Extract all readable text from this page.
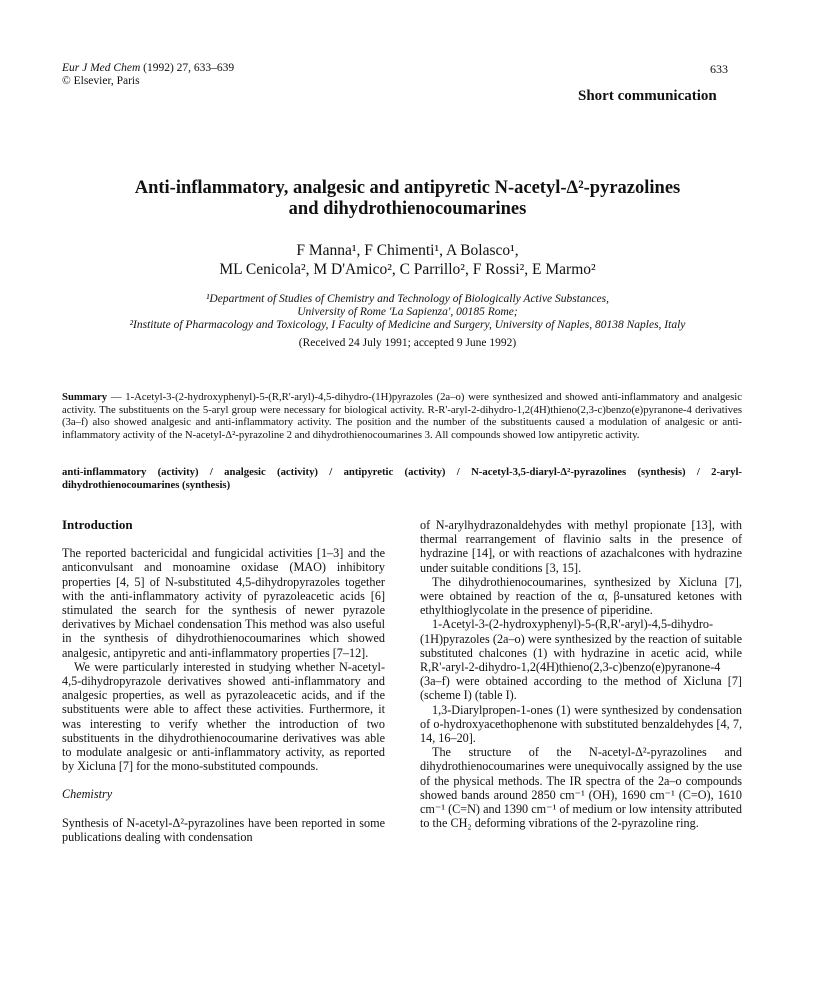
Eur J Med Chem (1992) 27, 633–639
© Elsevier, Paris
633
Short communication
Anti-inflammatory, analgesic and antipyretic N-acetyl-Δ²-pyrazolines
and dihydrothienocoumarines
F Manna¹, F Chimenti¹, A Bolasco¹,
ML Cenicola², M D'Amico², C Parrillo², F Rossi², E Marmo²
¹Department of Studies of Chemistry and Technology of Biologically Active Substances,
University of Rome 'La Sapienza', 00185 Rome;
²Institute of Pharmacology and Toxicology, I Faculty of Medicine and Surgery, University of Naples, 80138 Naples, Italy
(Received 24 July 1991; accepted 9 June 1992)
Summary — 1-Acetyl-3-(2-hydroxyphenyl)-5-(R,R'-aryl)-4,5-dihydro-(1H)pyrazoles (2a–o) were synthesized and showed anti-inflammatory and analgesic activity. The substituents on the 5-aryl group were necessary for biological activity. R-R'-aryl-2-dihydro-1,2(4H)thieno(2,3-c)benzo(e)pyranone-4 derivatives (3a–f) also showed analgesic and anti-inflammatory activity. The position and the number of the substituents caused a modulation of analgesic or anti-inflammatory activity of the N-acetyl-Δ²-pyrazoline 2 and dihydrothienocoumarines 3. All compounds showed low antipyretic activity.
anti-inflammatory (activity) / analgesic (activity) / antipyretic (activity) / N-acetyl-3,5-diaryl-Δ²-pyrazolines (synthesis) / 2-aryl-dihydrothienocoumarines (synthesis)
Introduction

The reported bactericidal and fungicidal activities [1–3] and the anticonvulsant and monoamine oxidase (MAO) inhibitory properties [4, 5] of N-substituted 4,5-dihydropyrazoles together with the anti-inflammatory activity of pyrazoleacetic acids [6] stimulated the search for the synthesis of newer pyrazole derivatives by Michael condensation This method was also useful in the synthesis of dihydrothienocoumarines which showed analgesic, antipyretic and anti-inflammatory properties [7–12].

We were particularly interested in studying whether N-acetyl-4,5-dihydropyrazole derivatives showed anti-inflammatory and analgesic properties, as well as pyrazoleacetic acids, and if the substituents were able to affect these activities. Furthermore, it was interesting to verify whether the introduction of two substituents in the dihydrothienocoumarine derivatives was able to modulate analgesic or anti-inflammatory activity, as reported by Xicluna [7] for the mono-substituted compounds.

Chemistry

Synthesis of N-acetyl-Δ²-pyrazolines have been reported in some publications dealing with condensation

of N-arylhydrazonaldehydes with methyl propionate [13], with thermal rearrangement of flavinio salts in the presence of hydrazine [14], or with reactions of azachalcones with hydrazine under suitable conditions [3, 15].

The dihydrothienocoumarines, synthesized by Xicluna [7], were obtained by reaction of the α, β-unsatured ketones with ethylthioglycolate in the presence of piperidine.

1-Acetyl-3-(2-hydroxyphenyl)-5-(R,R'-aryl)-4,5-dihydro-(1H)pyrazoles (2a–o) were synthesized by the reaction of suitable substituted chalcones (1) with hydrazine in acetic acid, while R,R'-aryl-2-dihydro-1,2(4H)thieno(2,3-c)benzo(e)pyranone-4 (3a–f) were obtained according to the method of Xicluna [7] (scheme I) (table I).

1,3-Diarylpropen-1-ones (1) were synthesized by condensation of o-hydroxyacethophenone with substituted benzaldehydes [4, 7, 14, 16–20].

The structure of the N-acetyl-Δ²-pyrazolines and dihydrothienocoumarines were unequivocally assigned by the use of the physical methods. The IR spectra of the 2a–o compounds showed bands around 2850 cm⁻¹ (OH), 1690 cm⁻¹ (C=O), 1610 cm⁻¹ (C=N) and 1390 cm⁻¹ of medium or low intensity attributed to the CH₂ deforming vibrations of the 2-pyrazoline ring.
